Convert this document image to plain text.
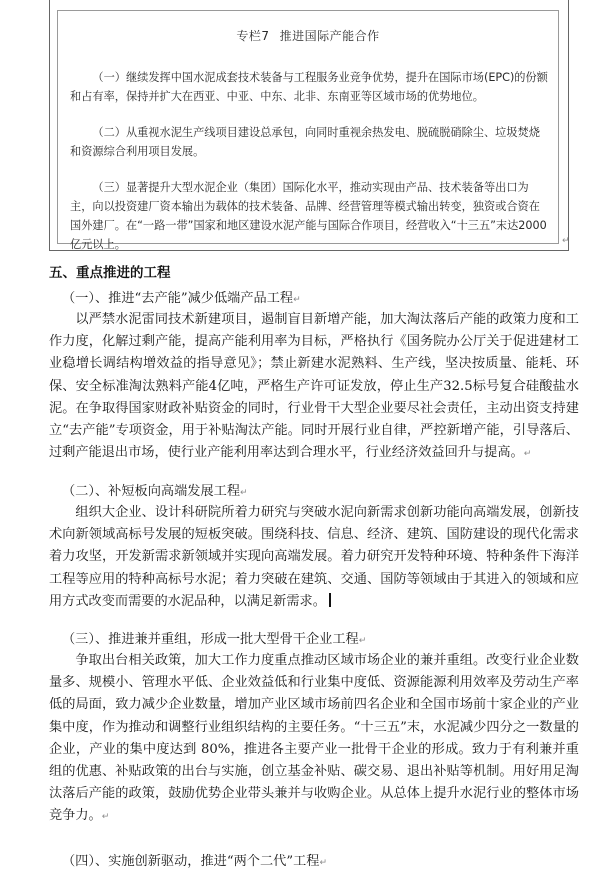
专栏7 推进国际产能合作

（一）继续发挥中国水泥成套技术装备与工程服务业竞争优势，提升在国际市场(EPC)的份额和占有率，保持并扩大在西亚、中亚、中东、北非、东南亚等区域市场的优势地位。

（二）从重视水泥生产线项目建设总承包，向同时重视余热发电、脱硫脱硝除尘、垃圾焚烧和资源综合利用项目发展。

（三）显著提升大型水泥企业（集团）国际化水平，推动实现由产品、技术装备等出口为主，向以投资建厂资本输出为载体的技术装备、品牌、经营管理等模式输出转变，独资或合资在国外建厂。在“一路一带”国家和地区建设水泥产能与国际合作项目，经营收入“十三五”末达2000亿元以上。	↵
五、重点推进的工程
（一）、推进“去产能”减少低端产品工程↵

以严禁水泥雷同技术新建项目，遏制盲目新增产能，加大淘汰落后产能的政策力度和工作力度，化解过剩产能，提高产能利用率为目标，严格执行《国务院办公厅关于促进建材工业稳增长调结构增效益的指导意见》；禁止新建水泥熟料、生产线，坚决按质量、能耗、环保、安全标准淘汰熟料产能4亿吨，严格生产许可证发放，停止生产32.5标号复合硅酸盐水泥。在争取得国家财政补贴资金的同时，行业骨干大型企业要尽社会责任，主动出资支持建立“去产能”专项资金，用于补贴淘汰产能。同时开展行业自律，严控新增产能，引导落后、过剩产能退出市场，使行业产能利用率达到合理水平，行业经济效益回升与提高。↵

（二）、补短板向高端发展工程↵

组织大企业、设计科研院所着力研究与突破水泥向新需求创新功能向高端发展，创新技术向新领域高标号发展的短板突破。围绕科技、信息、经济、建筑、国防建设的现代化需求着力攻坚，开发新需求新领域并实现向高端发展。着力研究开发特种环境、特种条件下海洋工程等应用的特种高标号水泥；着力突破在建筑、交通、国防等领域由于其进入的领域和应用方式改变而需要的水泥品种，以满足新需求。

（三）、推进兼并重组，形成一批大型骨干企业工程↵

争取出台相关政策，加大工作力度重点推动区域市场企业的兼并重组。改变行业企业数量多、规模小、管理水平低、企业效益低和行业集中度低、资源能源利用效率及劳动生产率低的局面，致力减少企业数量，增加产业区域市场前四名企业和全国市场前十家企业的产业集中度，作为推动和调整行业组织结构的主要任务。“十三五”末，水泥减少四分之一数量的企业，产业的集中度达到 80%，推进各主要产业一批骨干企业的形成。致力于有利兼并重组的优惠、补贴政策的出台与实施，创立基金补贴、碳交易、退出补贴等机制。用好用足淘汰落后产能的政策，鼓励优势企业带头兼并与收购企业。从总体上提升水泥行业的整体市场竞争力。↵

（四）、实施创新驱动，推进“两个二代”工程↵
